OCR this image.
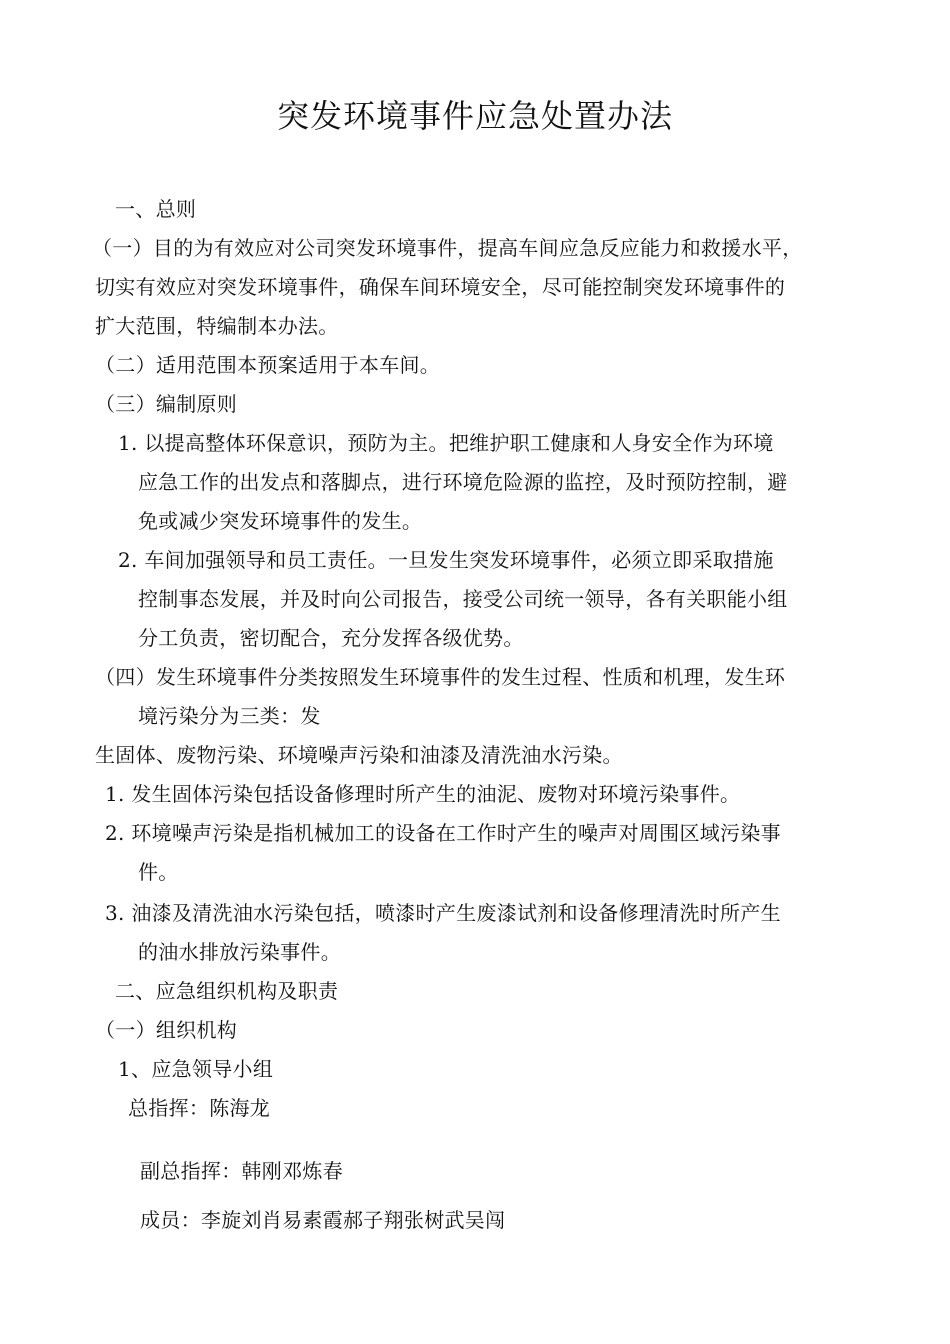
突发环境事件应急处置办法
一、总则
（一）目的为有效应对公司突发环境事件，提高车间应急反应能力和救援水平，
切实有效应对突发环境事件，确保车间环境安全，尽可能控制突发环境事件的
扩大范围，特编制本办法。
（二）适用范围本预案适用于本车间。
（三）编制原则
1. 以提高整体环保意识，预防为主。把维护职工健康和人身安全作为环境
应急工作的出发点和落脚点，进行环境危险源的监控，及时预防控制，避
免或减少突发环境事件的发生。
2. 车间加强领导和员工责任。一旦发生突发环境事件，必须立即采取措施
控制事态发展，并及时向公司报告，接受公司统一领导，各有关职能小组
分工负责，密切配合，充分发挥各级优势。
（四）发生环境事件分类按照发生环境事件的发生过程、性质和机理，发生环
境污染分为三类：发
生固体、废物污染、环境噪声污染和油漆及清洗油水污染。
1. 发生固体污染包括设备修理时所产生的油泥、废物对环境污染事件。
2. 环境噪声污染是指机械加工的设备在工作时产生的噪声对周围区域污染事
件。
3. 油漆及清洗油水污染包括，喷漆时产生废漆试剂和设备修理清洗时所产生
的油水排放污染事件。
二、应急组织机构及职责
（一）组织机构
1、应急领导小组
总指挥：陈海龙
副总指挥：韩刚邓炼春
成员：李旋刘肖易素霞郝子翔张树武吴闯
